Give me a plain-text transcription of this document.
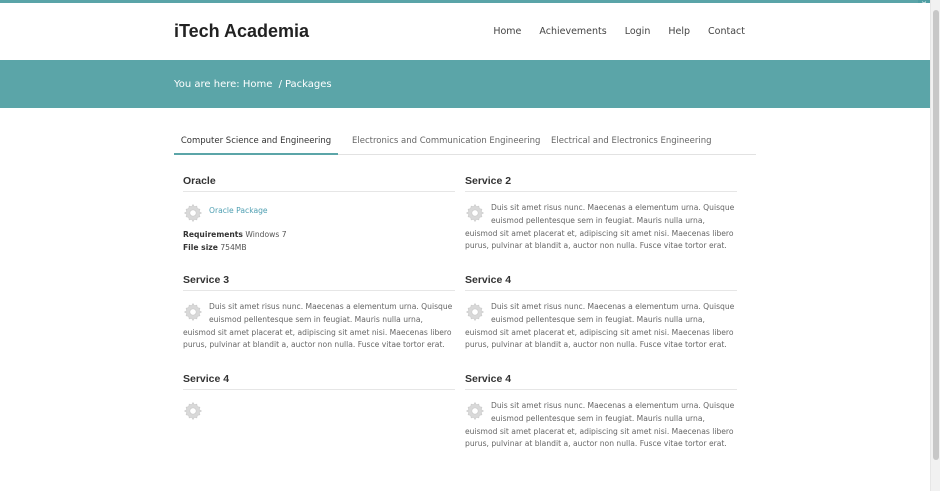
iTech Academia	Home Achievements Login Help Contact
You are here: Home / Packages
Computer Science and Engineering	Electronics and Communication Engineering Electrical and Electronics Engineering
Oracle
Oracle Package
Requirements Windows 7
File size 754MB
Service 2
Duis sit amet risus nunc. Maecenas a elementum urna. Quisque euismod pellentesque sem in feugiat. Mauris nulla urna, euismod sit amet placerat et, adipiscing sit amet nisi. Maecenas libero purus, pulvinar at blandit a, auctor non nulla. Fusce vitae tortor erat.
Service 3
Duis sit amet risus nunc. Maecenas a elementum urna. Quisque euismod pellentesque sem in feugiat. Mauris nulla urna, euismod sit amet placerat et, adipiscing sit amet nisi. Maecenas libero purus, pulvinar at blandit a, auctor non nulla. Fusce vitae tortor erat.
Service 4
Duis sit amet risus nunc. Maecenas a elementum urna. Quisque euismod pellentesque sem in feugiat. Mauris nulla urna, euismod sit amet placerat et, adipiscing sit amet nisi. Maecenas libero purus, pulvinar at blandit a, auctor non nulla. Fusce vitae tortor erat.
Service 4	Service 4
Duis sit amet risus nunc. Maecenas a elementum urna. Quisque euismod pellentesque sem in feugiat. Mauris nulla urna, euismod sit amet placerat et, adipiscing sit amet nisi. Maecenas libero purus, pulvinar at blandit a, auctor non nulla. Fusce vitae tortor erat.
